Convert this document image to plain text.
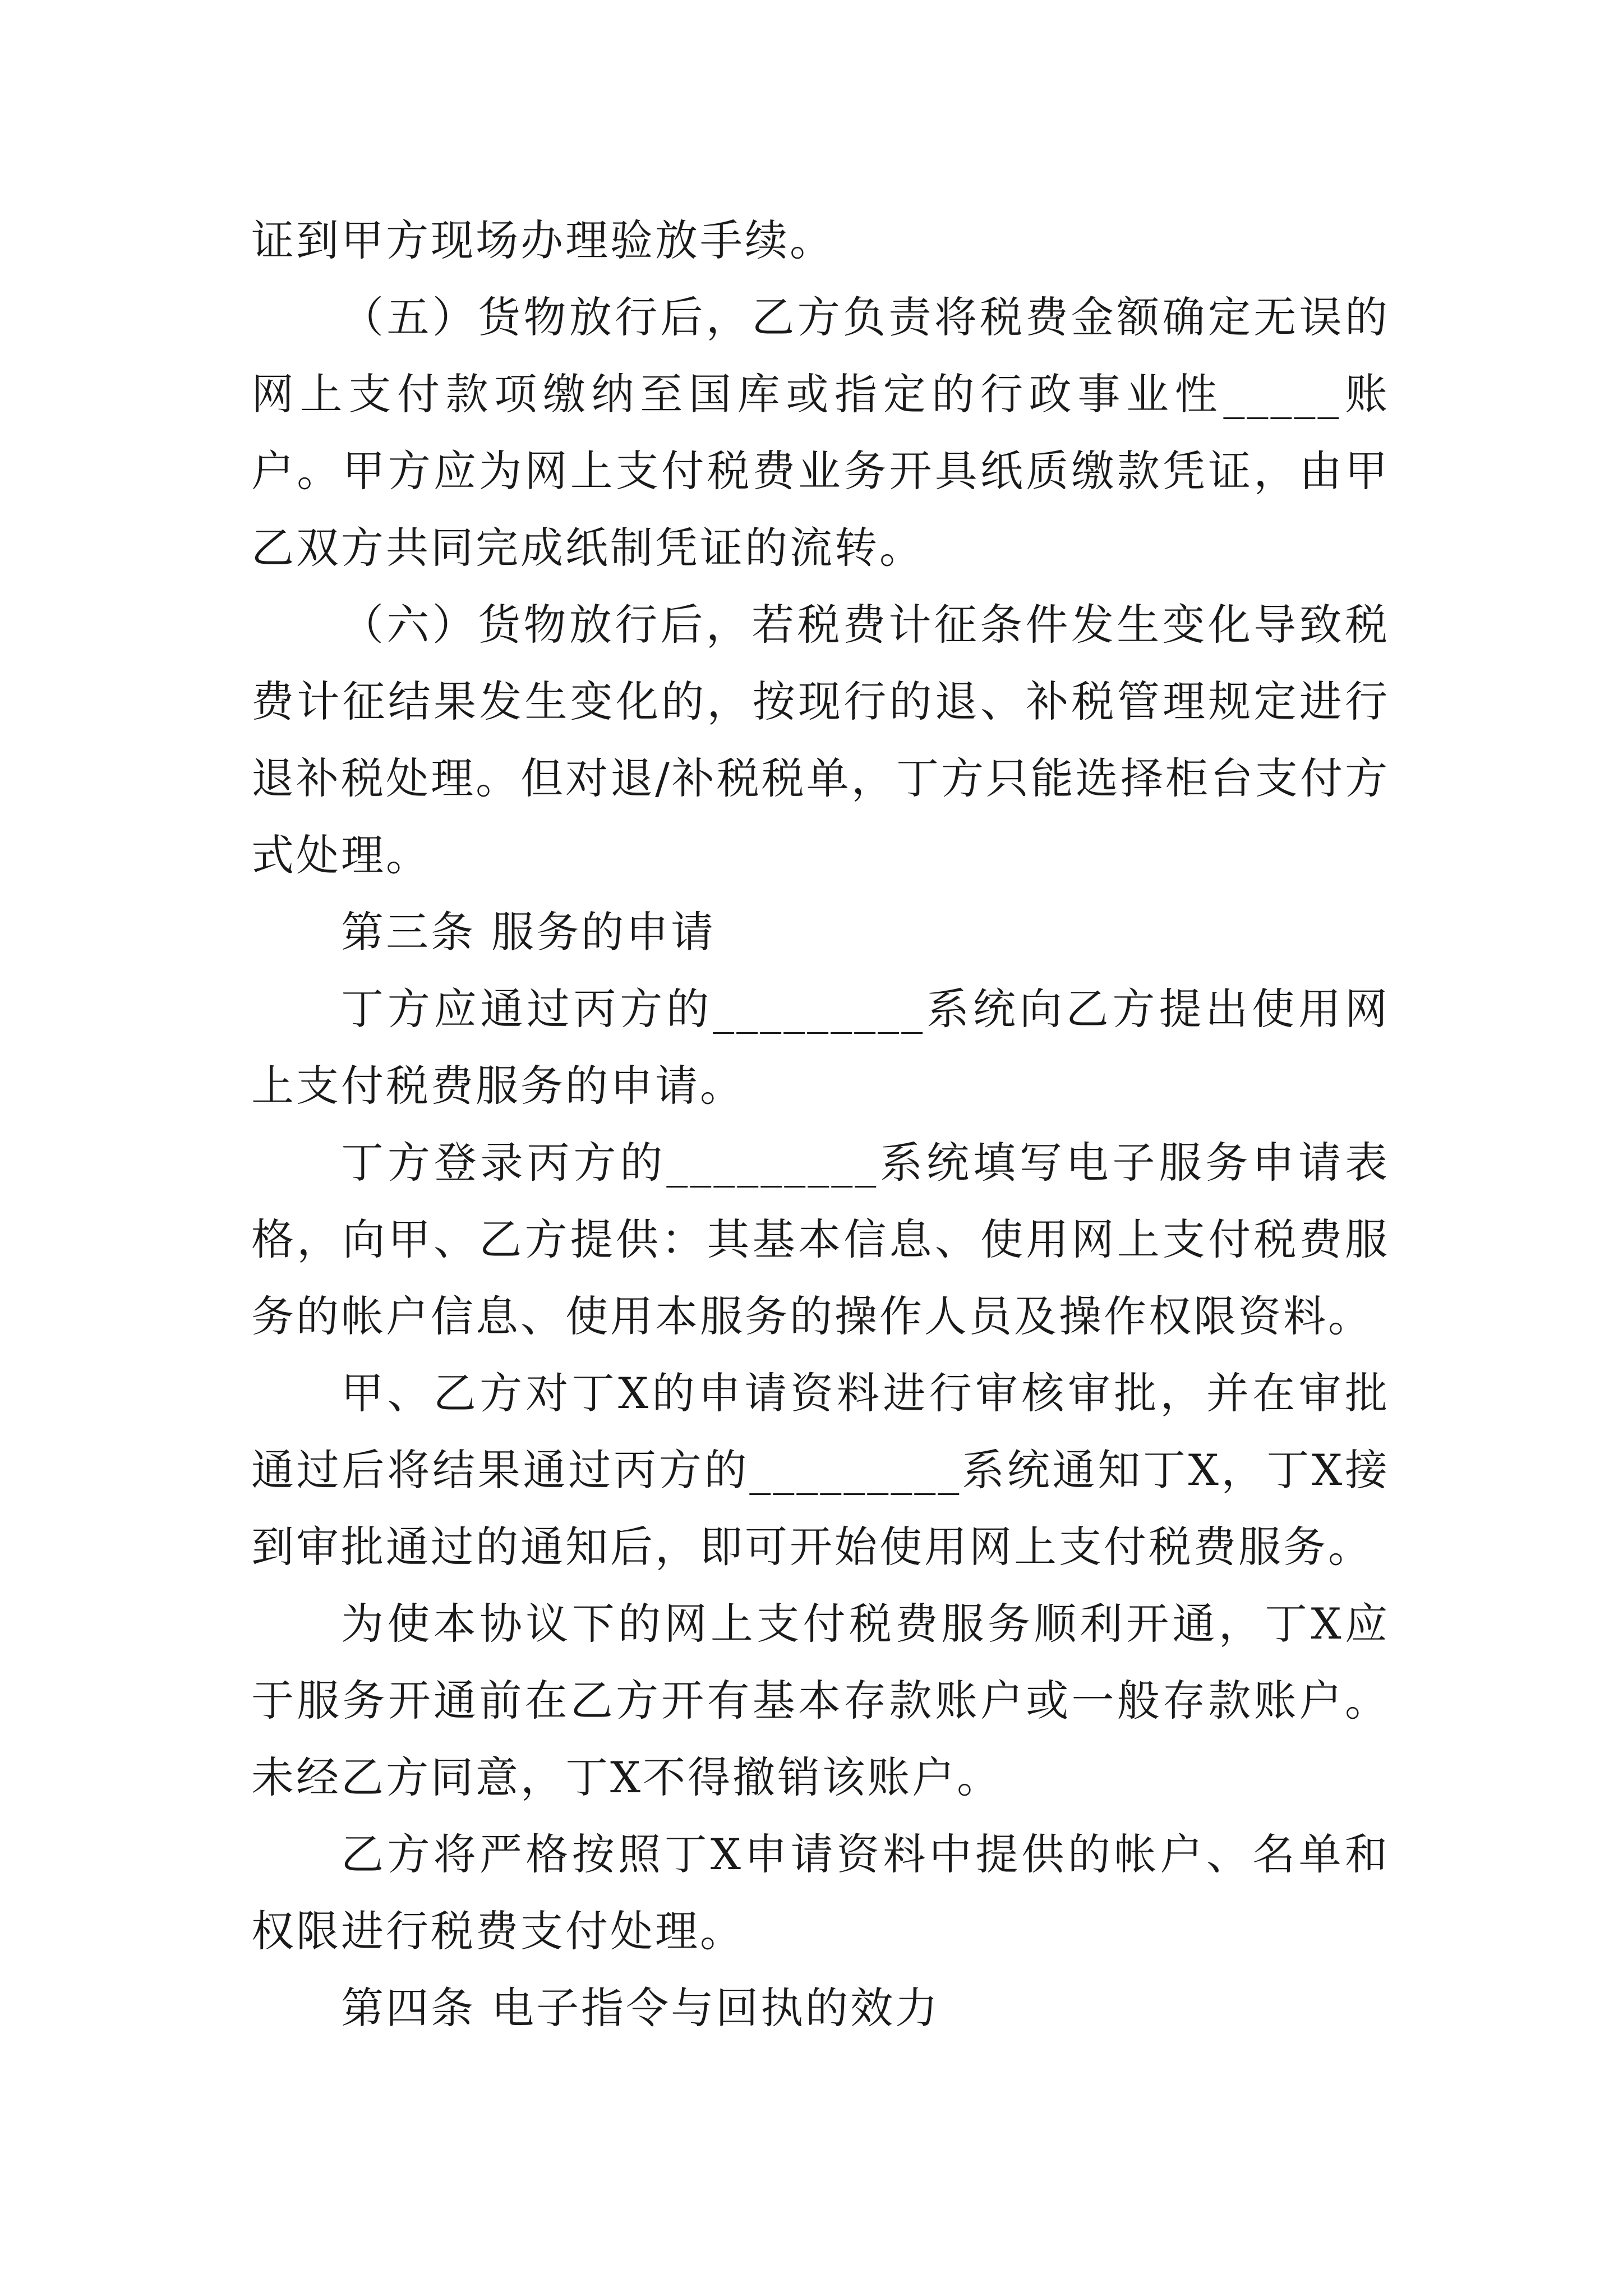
证到甲方现场办理验放手续。

（五）货物放行后，乙方负责将税费金额确定无误的网上支付款项缴纳至国库或指定的行政事业性_____账户。甲方应为网上支付税费业务开具纸质缴款凭证，由甲乙双方共同完成纸制凭证的流转。

（六）货物放行后，若税费计征条件发生变化导致税费计征结果发生变化的，按现行的退、补税管理规定进行退补税处理。但对退/补税税单，丁方只能选择柜台支付方式处理。

第三条 服务的申请

丁方应通过丙方的_________系统向乙方提出使用网上支付税费服务的申请。

丁方登录丙方的_________系统填写电子服务申请表格，向甲、乙方提供：其基本信息、使用网上支付税费服务的帐户信息、使用本服务的操作人员及操作权限资料。

甲、乙方对丁X的申请资料进行审核审批，并在审批通过后将结果通过丙方的_________系统通知丁X，丁X接到审批通过的通知后，即可开始使用网上支付税费服务。

为使本协议下的网上支付税费服务顺利开通，丁X应于服务开通前在乙方开有基本存款账户或一般存款账户。未经乙方同意，丁X不得撤销该账户。

乙方将严格按照丁X申请资料中提供的帐户、名单和权限进行税费支付处理。

第四条 电子指令与回执的效力
